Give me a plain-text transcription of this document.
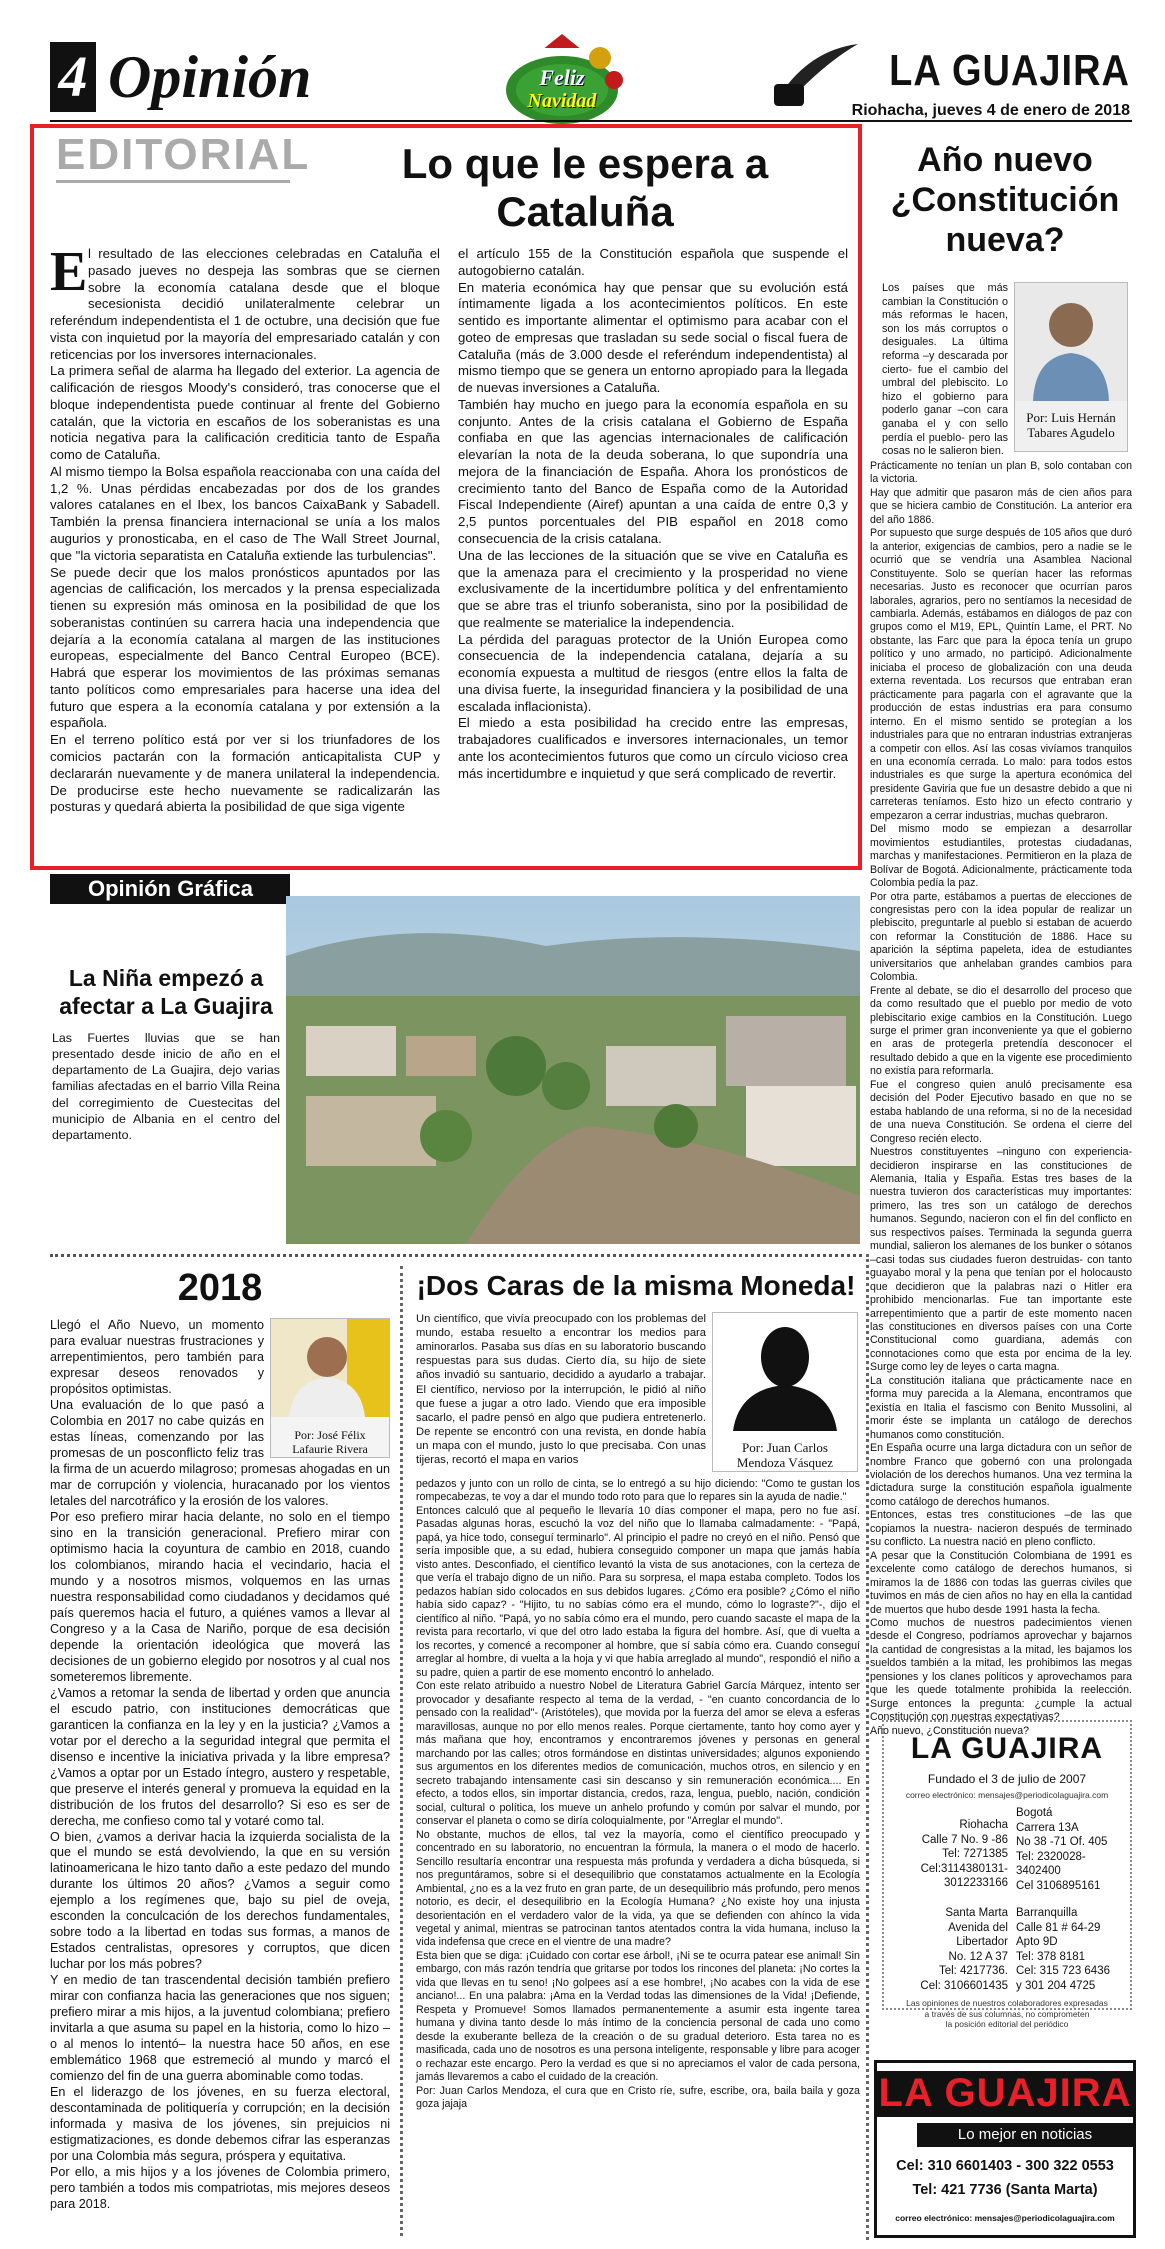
4 Opinión	Feliz
Navidad
LA GUAJIRA
Riohacha, jueves 4 de enero de 2018
EDITORIAL	Lo que le espera a
Cataluña
E l resultado de las elecciones celebradas en Cataluña el pasado jueves no despeja las sombras que se ciernen sobre la economía catalana desde que el bloque secesionista decidió unilateralmente celebrar un referéndum independentista el 1 de octubre, una decisión que fue vista con inquietud por la mayoría del empresariado catalán y con reticencias por los inversores internacionales.

La primera señal de alarma ha llegado del exterior. La agencia de calificación de riesgos Moody's consideró, tras conocerse que el bloque independentista puede continuar al frente del Gobierno catalán, que la victoria en escaños de los soberanistas es una noticia negativa para la calificación crediticia tanto de España como de Cataluña.

Al mismo tiempo la Bolsa española reaccionaba con una caída del 1,2 %. Unas pérdidas encabezadas por dos de los grandes valores catalanes en el Ibex, los bancos CaixaBank y Sabadell. También la prensa financiera internacional se unía a los malos augurios y pronosticaba, en el caso de The Wall Street Journal, que "la victoria separatista en Cataluña extiende las turbulencias".

Se puede decir que los malos pronósticos apuntados por las agencias de calificación, los mercados y la prensa especializada tienen su expresión más ominosa en la posibilidad de que los soberanistas continúen su carrera hacia una independencia que dejaría a la economía catalana al margen de las instituciones europeas, especialmente del Banco Central Europeo (BCE). Habrá que esperar los movimientos de las próximas semanas tanto políticos como empresariales para hacerse una idea del futuro que espera a la economía catalana y por extensión a la española.

En el terreno político está por ver si los triunfadores de los comicios pactarán con la formación anticapitalista CUP y declararán nuevamente y de manera unilateral la independencia. De producirse este hecho nuevamente se radicalizarán las posturas y quedará abierta la posibilidad de que siga vigente

el artículo 155 de la Constitución española que suspende el autogobierno catalán.

En materia económica hay que pensar que su evolución está íntimamente ligada a los acontecimientos políticos. En este sentido es importante alimentar el optimismo para acabar con el goteo de empresas que trasladan su sede social o fiscal fuera de Cataluña (más de 3.000 desde el referéndum independentista) al mismo tiempo que se genera un entorno apropiado para la llegada de nuevas inversiones a Cataluña.

También hay mucho en juego para la economía española en su conjunto. Antes de la crisis catalana el Gobierno de España confiaba en que las agencias internacionales de calificación elevarían la nota de la deuda soberana, lo que supondría una mejora de la financiación de España. Ahora los pronósticos de crecimiento tanto del Banco de España como de la Autoridad Fiscal Independiente (Airef) apuntan a una caída de entre 0,3 y 2,5 puntos porcentuales del PIB español en 2018 como consecuencia de la crisis catalana.

Una de las lecciones de la situación que se vive en Cataluña es que la amenaza para el crecimiento y la prosperidad no viene exclusivamente de la incertidumbre política y del enfrentamiento que se abre tras el triunfo soberanista, sino por la posibilidad de que realmente se materialice la independencia.

La pérdida del paraguas protector de la Unión Europea como consecuencia de la independencia catalana, dejaría a su economía expuesta a multitud de riesgos (entre ellos la falta de una divisa fuerte, la inseguridad financiera y la posibilidad de una escalada inflacionista).

El miedo a esta posibilidad ha crecido entre las empresas, trabajadores cualificados e inversores internacionales, un temor ante los acontecimientos futuros que como un círculo vicioso crea más incertidumbre e inquietud y que será complicado de revertir.

Año nuevo
¿Constitución
nueva?
Los países que más cambian la Constitución o más reformas le hacen, son los más corruptos o desiguales. La última reforma –y descarada por cierto- fue el cambio del umbral del plebiscito. Lo hizo el gobierno para poderlo ganar –con cara ganaba el y con sello perdía el pueblo- pero las cosas no le salieron bien.
Por: Luis Hernán
Tabares Agudelo

Prácticamente no tenían un plan B, solo contaban con la victoria.

Hay que admitir que pasaron más de cien años para que se hiciera cambio de Constitución. La anterior era del año 1886.

Por supuesto que surge después de 105 años que duró la anterior, exigencias de cambios, pero a nadie se le ocurrió que se vendría una Asamblea Nacional Constituyente. Solo se querían hacer las reformas necesarias. Justo es reconocer que ocurrían paros laborales, agrarios, pero no sentíamos la necesidad de cambiarla. Además, estábamos en diálogos de paz con grupos como el M19, EPL, Quintín Lame, el PRT. No obstante, las Farc que para la época tenía un grupo político y uno armado, no participó. Adicionalmente iniciaba el proceso de globalización con una deuda externa reventada. Los recursos que entraban eran prácticamente para pagarla con el agravante que la producción de estas industrias era para consumo interno. En el mismo sentido se protegían a los industriales para que no entraran industrias extranjeras a competir con ellos. Así las cosas vivíamos tranquilos en una economía cerrada. Lo malo: para todos estos industriales es que surge la apertura económica del presidente Gaviria que fue un desastre debido a que ni carreteras teníamos. Esto hizo un efecto contrario y empezaron a cerrar industrias, muchas quebraron.

Del mismo modo se empiezan a desarrollar movimientos estudiantiles, protestas ciudadanas, marchas y manifestaciones. Permitieron en la plaza de Bolívar de Bogotá. Adicionalmente, prácticamente toda Colombia pedía la paz.

Por otra parte, estábamos a puertas de elecciones de congresistas pero con la idea popular de realizar un plebiscito, preguntarle al pueblo si estaban de acuerdo con reformar la Constitución de 1886. Hace su aparición la séptima papeleta, idea de estudiantes universitarios que anhelaban grandes cambios para Colombia.

Frente al debate, se dio el desarrollo del proceso que da como resultado que el pueblo por medio de voto plebiscitario exige cambios en la Constitución. Luego surge el primer gran inconveniente ya que el gobierno en aras de protegerla pretendía desconocer el resultado debido a que en la vigente ese procedimiento no existía para reformarla.

Fue el congreso quien anuló precisamente esa decisión del Poder Ejecutivo basado en que no se estaba hablando de una reforma, si no de la necesidad de una nueva Constitución. Se ordena el cierre del Congreso recién electo.

Nuestros constituyentes –ninguno con experiencia- decidieron inspirarse en las constituciones de Alemania, Italia y España. Estas tres bases de la nuestra tuvieron dos características muy importantes: primero, las tres son un catálogo de derechos humanos. Segundo, nacieron con el fin del conflicto en sus respectivos países. Terminada la segunda guerra mundial, salieron los alemanes de los bunker o sótanos –casi todas sus ciudades fueron destruidas- con tanto guayabo moral y la pena que tenían por el holocausto que decidieron que la palabras nazi o Hitler era prohibido mencionarlas. Fue tan importante este arrepentimiento que a partir de este momento nacen las constituciones en diversos países con una Corte Constitucional como guardiana, además con connotaciones como que esta por encima de la ley. Surge como ley de leyes o carta magna.

La constitución italiana que prácticamente nace en forma muy parecida a la Alemana, encontramos que existía en Italia el fascismo con Benito Mussolini, al morir éste se implanta un catálogo de derechos humanos como constitución.

En España ocurre una larga dictadura con un señor de nombre Franco que gobernó con una prolongada violación de los derechos humanos. Una vez termina la dictadura surge la constitución española igualmente como catálogo de derechos humanos.

Entonces, estas tres constituciones –de las que copiamos la nuestra- nacieron después de terminado su conflicto. La nuestra nació en pleno conflicto.

A pesar que la Constitución Colombiana de 1991 es excelente como catálogo de derechos humanos, si miramos la de 1886 con todas las guerras civiles que tuvimos en más de cien años no hay en ella la cantidad de muertos que hubo desde 1991 hasta la fecha.

Como muchos de nuestros padecimientos vienen desde el Congreso, podríamos aprovechar y bajarnos la cantidad de congresistas a la mitad, les bajamos los sueldos también a la mitad, les prohibimos las megas pensiones y los clanes políticos y aprovechamos para que les quede totalmente prohibida la reelección. Surge entonces la pregunta: ¿cumple la actual Constitución con nuestras expectativas?

Año nuevo, ¿Constitución nueva?

Opinión Gráfica
La Niña empezó a
afectar a La Guajira
Las Fuertes lluvias que se han presentado desde inicio de año en el departamento de La Guajira, dejo varias familias afectadas en el barrio Villa Reina del corregimiento de Cuestecitas del municipio de Albania en el centro del departamento.
2018
Por: José Félix
Lafaurie Rivera

Llegó el Año Nuevo, un momento para evaluar nuestras frustraciones y arrepentimientos, pero también para expresar deseos renovados y propósitos optimistas.

Una evaluación de lo que pasó a Colombia en 2017 no cabe quizás en estas líneas, comenzando por las promesas de un posconflicto feliz tras la firma de un acuerdo milagroso; promesas ahogadas en un mar de corrupción y violencia, huracanado por los vientos letales del narcotráfico y la erosión de los valores.

Por eso prefiero mirar hacia delante, no solo en el tiempo sino en la transición generacional. Prefiero mirar con optimismo hacia la coyuntura de cambio en 2018, cuando los colombianos, mirando hacia el vecindario, hacia el mundo y a nosotros mismos, volquemos en las urnas nuestra responsabilidad como ciudadanos y decidamos qué país queremos hacia el futuro, a quiénes vamos a llevar al Congreso y a la Casa de Nariño, porque de esa decisión depende la orientación ideológica que moverá las decisiones de un gobierno elegido por nosotros y al cual nos someteremos libremente.

¿Vamos a retomar la senda de libertad y orden que anuncia el escudo patrio, con instituciones democráticas que garanticen la confianza en la ley y en la justicia? ¿Vamos a votar por el derecho a la seguridad integral que permita el disenso e incentive la iniciativa privada y la libre empresa? ¿Vamos a optar por un Estado íntegro, austero y respetable, que preserve el interés general y promueva la equidad en la distribución de los frutos del desarrollo? Si eso es ser de derecha, me confieso como tal y votaré como tal.

O bien, ¿vamos a derivar hacia la izquierda socialista de la que el mundo se está devolviendo, la que en su versión latinoamericana le hizo tanto daño a este pedazo del mundo durante los últimos 20 años? ¿Vamos a seguir como ejemplo a los regímenes que, bajo su piel de oveja, esconden la conculcación de los derechos fundamentales, sobre todo a la libertad en todas sus formas, a manos de Estados centralistas, opresores y corruptos, que dicen luchar por los más pobres?

Y en medio de tan trascendental decisión también prefiero mirar con confianza hacia las generaciones que nos siguen; prefiero mirar a mis hijos, a la juventud colombiana; prefiero invitarla a que asuma su papel en la historia, como lo hizo –o al menos lo intentó– la nuestra hace 50 años, en ese emblemático 1968 que estremeció al mundo y marcó el comienzo del fin de una guerra abominable como todas.

En el liderazgo de los jóvenes, en su fuerza electoral, descontaminada de politiquería y corrupción; en la decisión informada y masiva de los jóvenes, sin prejuicios ni estigmatizaciones, es donde debemos cifrar las esperanzas por una Colombia más segura, próspera y equitativa.

Por ello, a mis hijos y a los jóvenes de Colombia primero, pero también a todos mis compatriotas, mis mejores deseos para 2018.

¡Dos Caras de la misma Moneda!
Un científico, que vivía preocupado con los problemas del mundo, estaba resuelto a encontrar los medios para aminorarlos. Pasaba sus días en su laboratorio buscando respuestas para sus dudas. Cierto día, su hijo de siete años invadió su santuario, decidido a ayudarlo a trabajar. El científico, nervioso por la interrupción, le pidió al niño que fuese a jugar a otro lado. Viendo que era imposible sacarlo, el padre pensó en algo que pudiera entretenerlo. De repente se encontró con una revista, en donde había un mapa con el mundo, justo lo que precisaba. Con unas tijeras, recortó el mapa en varios
Por: Juan Carlos
Mendoza Vásquez

pedazos y junto con un rollo de cinta, se lo entregó a su hijo diciendo: "Como te gustan los rompecabezas, te voy a dar el mundo todo roto para que lo repares sin la ayuda de nadie."

Entonces calculó que al pequeño le llevaría 10 días componer el mapa, pero no fue así. Pasadas algunas horas, escuchó la voz del niño que lo llamaba calmadamente: - "Papá, papá, ya hice todo, conseguí terminarlo". Al principio el padre no creyó en el niño. Pensó que sería imposible que, a su edad, hubiera conseguido componer un mapa que jamás había visto antes. Desconfiado, el científico levantó la vista de sus anotaciones, con la certeza de que vería el trabajo digno de un niño. Para su sorpresa, el mapa estaba completo. Todos los pedazos habían sido colocados en sus debidos lugares. ¿Cómo era posible? ¿Cómo el niño había sido capaz? - "Hijito, tu no sabías cómo era el mundo, cómo lo lograste?"-, dijo el científico al niño. "Papá, yo no sabía cómo era el mundo, pero cuando sacaste el mapa de la revista para recortarlo, vi que del otro lado estaba la figura del hombre. Así, que di vuelta a los recortes, y comencé a recomponer al hombre, que sí sabía cómo era. Cuando conseguí arreglar al hombre, di vuelta a la hoja y vi que había arreglado al mundo", respondió el niño a su padre, quien a partir de ese momento encontró lo anhelado.

Con este relato atribuido a nuestro Nobel de Literatura Gabriel García Márquez, intento ser provocador y desafiante respecto al tema de la verdad, - "en cuanto concordancia de lo pensado con la realidad"- (Aristóteles), que movida por la fuerza del amor se eleva a esferas maravillosas, aunque no por ello menos reales. Porque ciertamente, tanto hoy como ayer y más mañana que hoy, encontramos y encontraremos jóvenes y personas en general marchando por las calles; otros formándose en distintas universidades; algunos exponiendo sus argumentos en los diferentes medios de comunicación, muchos otros, en silencio y en secreto trabajando intensamente casi sin descanso y sin remuneración económica.... En efecto, a todos ellos, sin importar distancia, credos, raza, lengua, pueblo, nación, condición social, cultural o política, los mueve un anhelo profundo y común por salvar el mundo, por conservar el planeta o como se diría coloquialmente, por "Arreglar el mundo".

No obstante, muchos de ellos, tal vez la mayoría, como el científico preocupado y concentrado en su laboratorio, no encuentran la fórmula, la manera o el modo de hacerlo. Sencillo resultaría encontrar una respuesta más profunda y verdadera a dicha búsqueda, si nos preguntáramos, sobre si el desequilibrio que constatamos actualmente en la Ecología Ambiental, ¿no es a la vez fruto en gran parte, de un desequilibrio más profundo, pero menos notorio, es decir, el desequilibrio en la Ecología Humana? ¿No existe hoy una injusta desorientación en el verdadero valor de la vida, ya que se defienden con ahínco la vida vegetal y animal, mientras se patrocinan tantos atentados contra la vida humana, incluso la vida indefensa que crece en el vientre de una madre?

Esta bien que se diga: ¡Cuidado con cortar ese árbol!, ¡Ni se te ocurra patear ese animal! Sin embargo, con más razón tendría que gritarse por todos los rincones del planeta: ¡No cortes la vida que llevas en tu seno! ¡No golpees así a ese hombre!, ¡No acabes con la vida de ese anciano!... En una palabra: ¡Ama en la Verdad todas las dimensiones de la Vida! ¡Defiende, Respeta y Promueve! Somos llamados permanentemente a asumir esta ingente tarea humana y divina tanto desde lo más íntimo de la conciencia personal de cada uno como desde la exuberante belleza de la creación o de su gradual deterioro. Esta tarea no es masificada, cada uno de nosotros es una persona inteligente, responsable y libre para acoger o rechazar este encargo. Pero la verdad es que si no apreciamos el valor de cada persona, jamás llevaremos a cabo el cuidado de la creación.

Por: Juan Carlos Mendoza, el cura que en Cristo ríe, sufre, escribe, ora, baila baila y goza goza jajaja

LA GUAJIRA
Fundado el 3 de julio de 2007
correo electrónico: mensajes@periodicolaguajira.com
Riohacha
Calle 7 No. 9 -86
Tel: 7271385
Cel:3114380131-
3012233166
Bogotá
Carrera 13A
No 38 -71 Of. 405
Tel: 2320028-
3402400
Cel 3106895161
Santa Marta
Avenida del
Libertador
No. 12 A 37
Tel: 4217736.
Cel: 3106601435
Barranquilla
Calle 81 # 64-29
Apto 9D
Tel: 378 8181
Cel: 315 723 6436
y 301 204 4725
Las opiniones de nuestros colaboradores expresadas
a través de sus columnas, no comprometen
la posición editorial del periódico
LA GUAJIRA
Lo mejor en noticias
Cel: 310 6601403 - 300 322 0553
Tel: 421 7736 (Santa Marta)
correo electrónico: mensajes@periodicolaguajira.com
